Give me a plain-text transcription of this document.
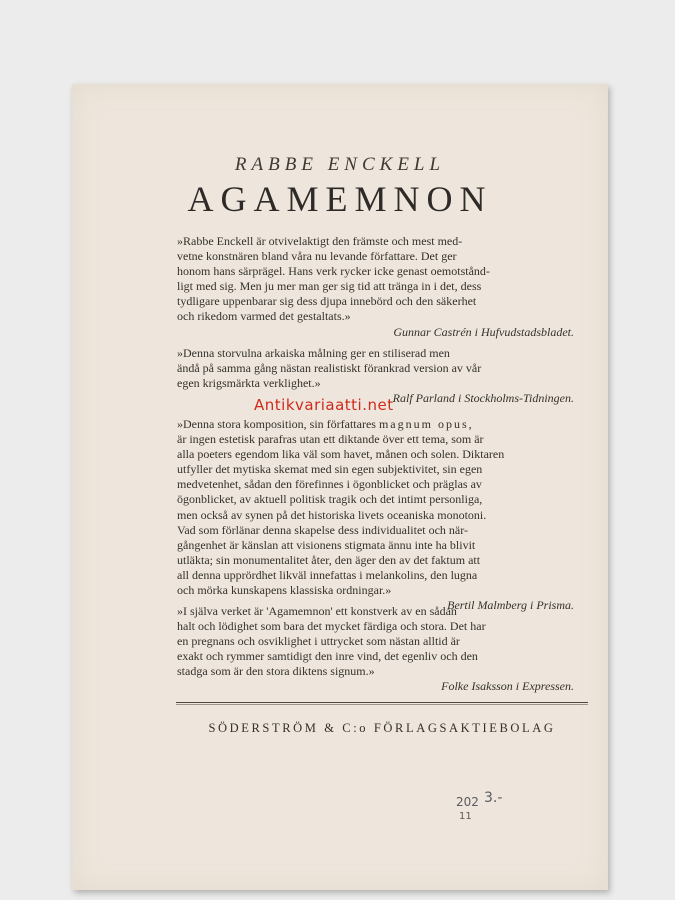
RABBE ENCKELL
AGAMEMNON

»Rabbe Enckell är otvivelaktigt den främste och mest med-

vetne konstnären bland våra nu levande författare. Det ger

honom hans särprägel. Hans verk rycker icke genast oemotstånd-

ligt med sig. Men ju mer man ger sig tid att tränga in i det, dess

tydligare uppenbarar sig dess djupa innebörd och den säkerhet

och rikedom varmed det gestaltats.»

Gunnar Castrén i Hufvudstadsbladet.

»Denna storvulna arkaiska målning ger en stiliserad men

ändå på samma gång nästan realistiskt förankrad version av vår

egen krigsmärkta verklighet.»

Ralf Parland i Stockholms-Tidningen.

Antikvariaatti.net

»Denna stora komposition, sin författares magnum opus,

är ingen estetisk parafras utan ett diktande över ett tema, som är

alla poeters egendom lika väl som havet, månen och solen. Diktaren

utfyller det mytiska skemat med sin egen subjektivitet, sin egen

medvetenhet, sådan den förefinnes i ögonblicket och präglas av

ögonblicket, av aktuell politisk tragik och det intimt personliga,

men också av synen på det historiska livets oceaniska monotoni.

Vad som förlänar denna skapelse dess individualitet och när-

gångenhet är känslan att visionens stigmata ännu inte ha blivit

utläkta; sin monumentalitet åter, den äger den av det faktum att

all denna upprördhet likväl innefattas i melankolins, den lugna

och mörka kunskapens klassiska ordningar.»

Bertil Malmberg i Prisma.

»I själva verket är 'Agamemnon' ett konstverk av en sådan

halt och lödighet som bara det mycket färdiga och stora. Det har

en pregnans och osviklighet i uttrycket som nästan alltid är

exakt och rymmer samtidigt den inre vind, det egenliv och den

stadga som är den stora diktens signum.»

Folke Isaksson i Expressen.

SÖDERSTRÖM & C:o FÖRLAGSAKTIEBOLAG
202 3.-
11
